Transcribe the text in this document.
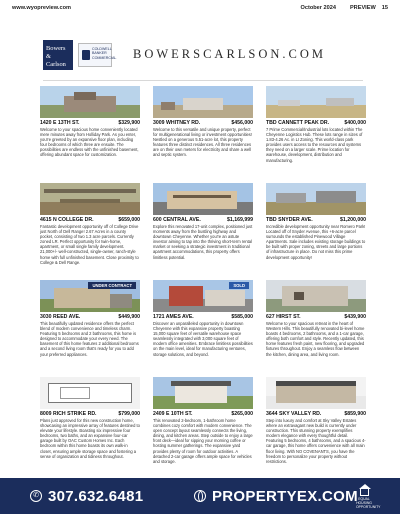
www.wyopreview.com	October 2024	PREVIEW 15
Bowers
&
Carlson
COLDWELL BANKER
COMMERCIAL BOWERSCARLSON.COM
1420 E 13TH ST.	$329,900
Welcome to your spacious home conveniently located mere minutes away from Holliday Park. As you enter, you're greeted by an expansive floor plan, including four bedrooms of which three are ensuite. The possibilities are endless with the unfinished basement, offering abundant space for customization.
3009 WHITNEY RD.	$456,000
Welcome to this versatile and unique property, perfect for multigenerational living or investment opportunities! Nestled on a generous 5.51-acre lot, this property features three distinct residences. All three residences are on their own meters for electricity and share a well and septic system.
TBD CANNETT PEAK DR.	$400,000
7 Prime Commercial/Industrial lots located within The Cheyenne Logistics Hub. These lots range in sizes of 1.83-4.26 Ac. in LI Zoning. This world-class park provides users access to the resources and systems they need on a larger scale. Prime location for warehouse, development, distribution and manufacturing.
4615 N COLLEGE DR.	$659,000
Fantastic development opportunity off of College Drive just North of Dell Range! 2.67 Acres in a county pocket, consisting of two 1.3 acre parcels. Currently zoned LR. Perfect opportunity for twin-home, apartment, or small single family development. 21,000+/- well-constructed, single-owner, ranch-style home with full unfinished basement. Close proximity to College & Dell Range.
600 CENTRAL AVE.	$1,169,999
Explore this renovated 17-unit complex, positioned just moments away from the bustling highway and downtown Cheyenne. Whether you're an astute investor aiming to tap into the thriving short-term rental market or seeking a strategic investment in traditional apartment accommodations, this property offers limitless potential.
TBD SNYDER AVE.	$1,200,000
Incredible development opportunity near Romero Park! Located off of Snyder Avenue, this +6-acre parcel surrounds the established Pinewood Village Apartments. Sale includes existing storage buildings to be built with proper zoning, streets and large portions of infrastructure in place. Do not miss this prime development opportunity!
UNDER CONTRACT
3030 REED AVE.	$449,900
This beautifully updated residence offers the perfect blend of modern convenience and timeless charm. Featuring 5 bedrooms and 2 bathrooms, this home is designed to accommodate your every need. The basement of this home features 2 additional bedrooms and a second living room that's ready for you to add your preferred appliances.
SOLD
1721 AMES AVE.	$585,000
Discover an unparalleled opportunity in downtown Cheyenne with this expansive property boasting 15,000 square feet of versatile warehouse space seamlessly integrated with 3,000 square feet of modern office amenities. Embrace limitless possibilities on the main level, ideal for manufacturing ventures, storage solutions, and beyond.
627 HIRST ST.	$439,900
Welcome to your spacious retreat in the heart of Western Hills. This beautifully renovated bi-level home boasts 4 bedrooms, 2 bathrooms, and a 1-car garage, offering both comfort and style. Recently updated, this home features fresh paint, new flooring, and upgraded fixtures throughout. Enjoy a seamless flow between the kitchen, dining area, and living room.
8009 RICH STRIKE RD.	$799,000
Plans just approved for this new construction home, showcasing an impressive array of features destined to elevate your lifestyle. Boasting six impressive four bedrooms, two baths, and an expansive four-car garage built by OAC Custom Homes Inc. Each bedroom within this home boasts its own walk-in closet, ensuring ample storage space and fostering a sense of organization and tidiness throughout.
2409 E 10TH ST.	$265,000
This renovated 2-bedroom, 1-bathroom home combines cozy comfort with modern convenience. The open concept layout seamlessly connects the living, dining, and kitchen areas. Step outside to enjoy a large front deck—ideal for sipping your morning coffee or hosting summer gatherings. The expansive yard provides plenty of room for outdoor activities. A detached 2-car garage offers ample space for vehicles and storage.
3644 SKY VALLEY RD.	$859,900
Step into luxury and comfort at Sky Valley Estates where an extravagant new build is currently under construction. This stunning property exemplifies modern elegance with every thoughtful detail. Featuring 5 bedrooms, 4 bathrooms, and a spacious 4-car garage, this home offers convenience with all main floor living. With NO COVENANTS, you have the freedom to personalize your property without restrictions.
✆ 307.632.6481	PROPERTYEX.COM EQUAL HOUSING
OPPORTUNITY
